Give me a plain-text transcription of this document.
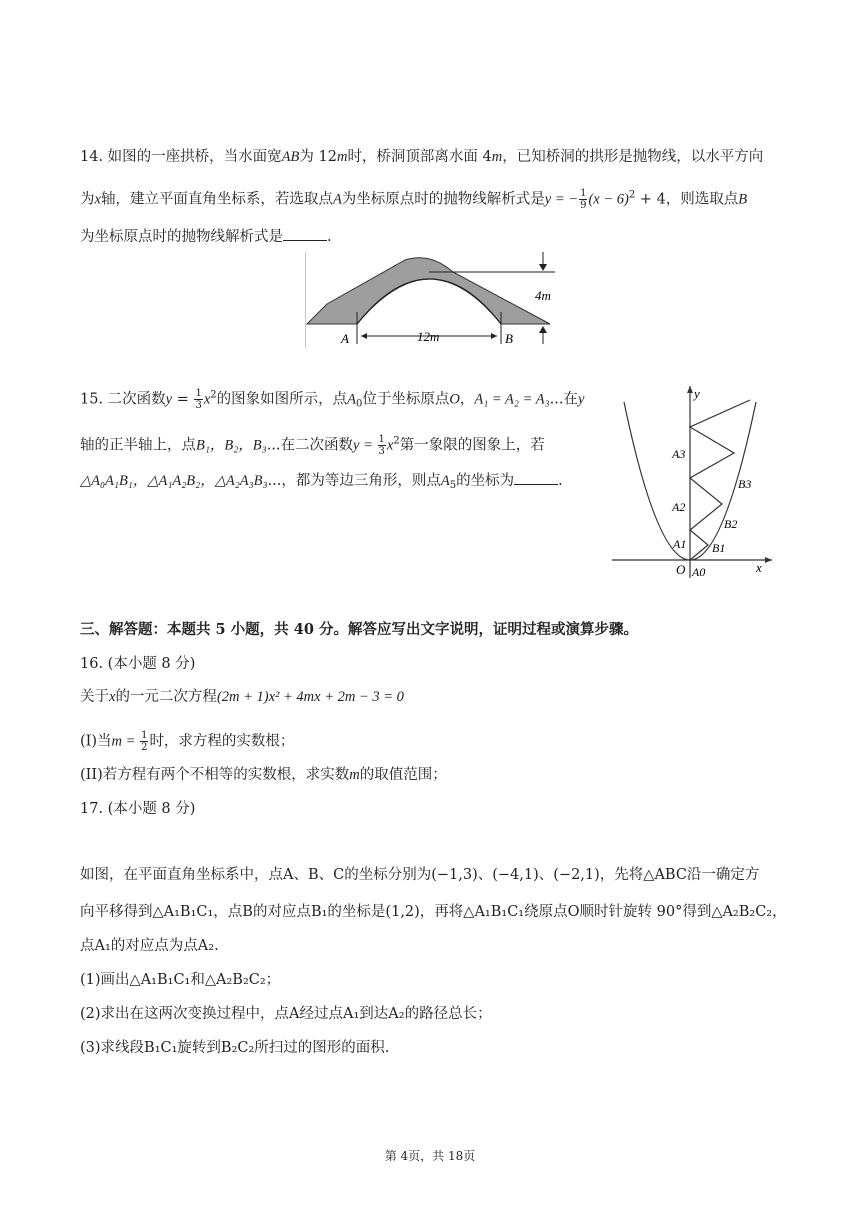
14. 如图的一座拱桥，当水面宽AB为 12m时，桥洞顶部离水面 4m，已知桥洞的拱形是抛物线，以水平方向
为x轴，建立平面直角坐标系，若选取点A为坐标原点时的抛物线解析式是y = − $\frac{1}{9} (x - 6)^2 + 4$，则选取点B
为坐标原点时的抛物线解析式是	.
A	B
12m
4m
15. 二次函数$y = \frac{1}{3} x^2$的图象如图所示，点$A_0$位于坐标原点O，A₁ = A₂ = A₃...在y
轴的正半轴上，点B₁，B₂，B₃...在二次函数$y = \frac{1}{3} x^2$第一象限的图象上，若
△A₀A₁B₁，△A₁A₂B₂，△A₂A₃B₃...，都为等边三角形，则点$A_5$的坐标为	.
y
x
O A0
A1
A2
A3
B1
B2
B3
三、解答题：本题共 5 小题，共 40 分。解答应写出文字说明，证明过程或演算步骤。
16. (本小题 8 分)
关于x的一元二次方程(2m + 1)x² + 4mx + 2m − 3 = 0
(I)当$m = \frac{1}{2}$ 时，求方程的实数根；
(II)若方程有两个不相等的实数根，求实数m的取值范围；
17. (本小题 8 分)
如图，在平面直角坐标系中，点A、B、C的坐标分别为(−1,3)、(−4,1)、(−2,1)，先将△ABC沿一确定方
向平移得到△A₁B₁C₁，点B的对应点B₁的坐标是(1,2)，再将△A₁B₁C₁绕原点O顺时针旋转 90°得到△A₂B₂C₂，
点A₁的对应点为点A₂.
(1)画出△A₁B₁C₁和△A₂B₂C₂；
(2)求出在这两次变换过程中，点A经过点A₁到达A₂的路径总长；
(3)求线段B₁C₁旋转到B₂C₂所扫过的图形的面积.
第 4页，共 18页
